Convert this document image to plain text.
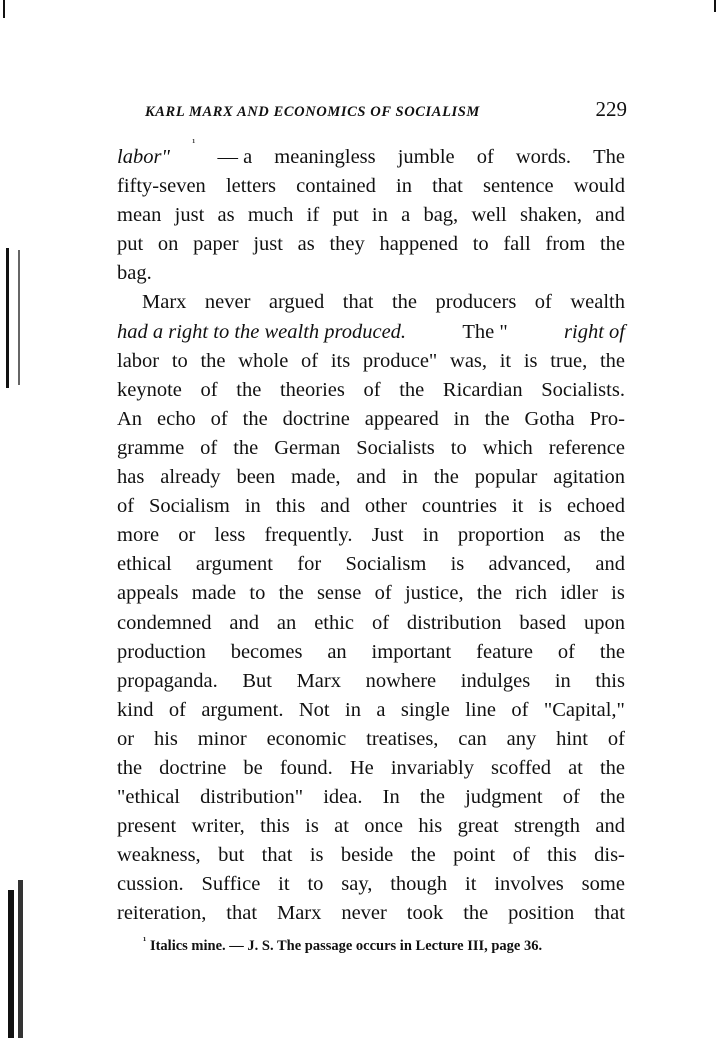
KARL MARX AND ECONOMICS OF SOCIALISM	229
labor"
¹
— a meaningless jumble of words. The
fifty-seven letters contained in that sentence would
mean just as much if put in a bag, well shaken, and
put on paper just as they happened to fall from the
bag.
Marx never argued that the producers of wealth
had a right to the wealth produced.	The "	right of
labor to the whole of its produce" was, it is true, the
keynote of the theories of the Ricardian Socialists.
An echo of the doctrine appeared in the Gotha Pro-
gramme of the German Socialists to which reference
has already been made, and in the popular agitation
of Socialism in this and other countries it is echoed
more or less frequently. Just in proportion as the
ethical argument for Socialism is advanced, and
appeals made to the sense of justice, the rich idler is
condemned and an ethic of distribution based upon
production becomes an important feature of the
propaganda. But Marx nowhere indulges in this
kind of argument. Not in a single line of "Capital,"
or his minor economic treatises, can any hint of
the doctrine be found. He invariably scoffed at the
"ethical distribution" idea. In the judgment of the
present writer, this is at once his great strength and
weakness, but that is beside the point of this dis-
cussion. Suffice it to say, though it involves some
reiteration, that Marx never took the position that
$^{^1}$ Italics mine. — J. S. The passage occurs in Lecture III, page 36.
